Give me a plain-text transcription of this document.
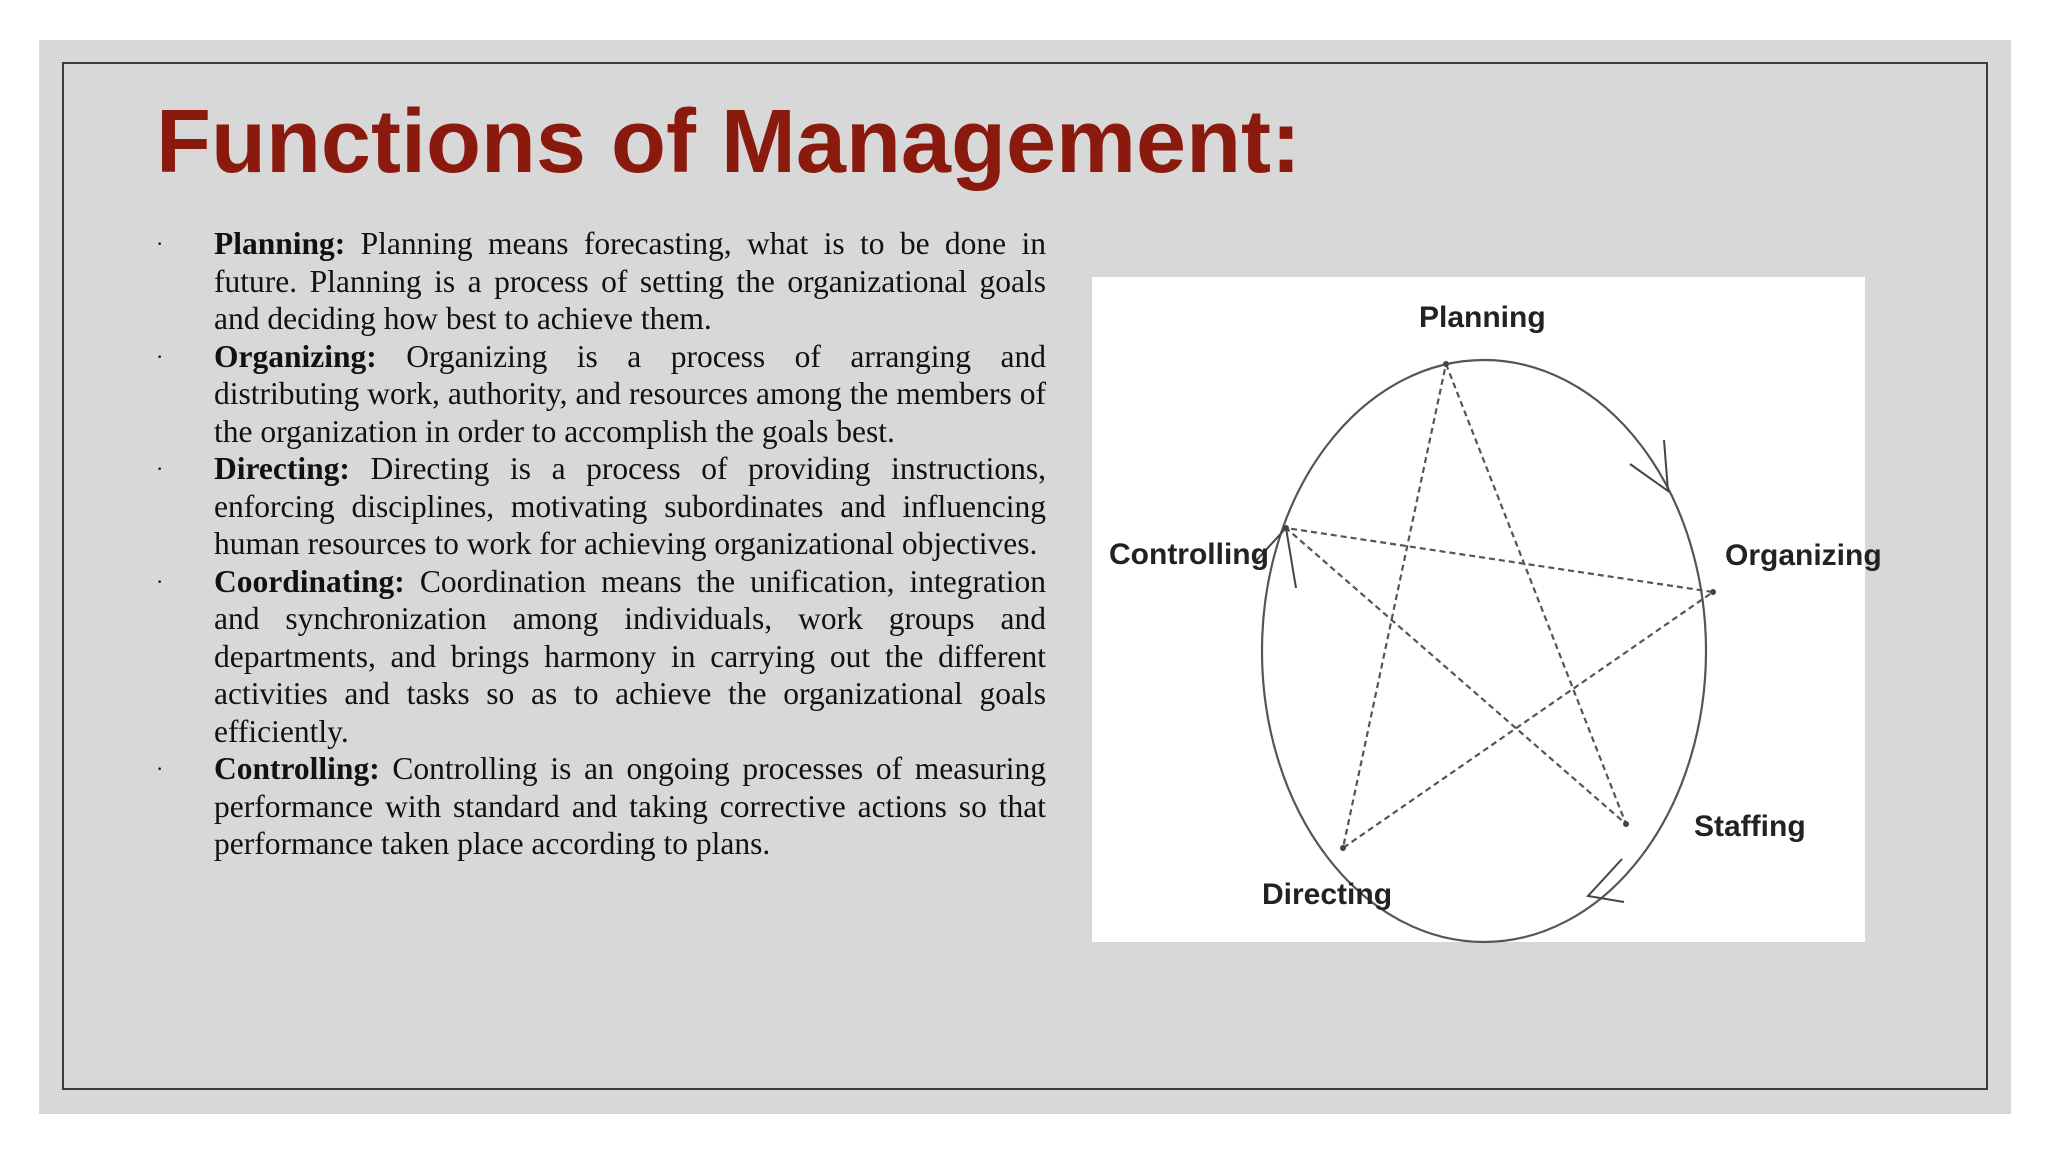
Functions of Management:
·	Planning: Planning means forecasting, what is to be done in future. Planning is a process of setting the organizational goals and deciding how best to achieve them.
·	Organizing: Organizing is a process of arranging and distributing work, authority, and resources among the members of the organization in order to accomplish the goals best.
·	Directing: Directing is a process of providing instructions, enforcing disciplines, motivating subordinates and influencing human resources to work for achieving organizational objectives.
·	Coordinating: Coordination means the unification, integration and synchronization among individuals, work groups and departments, and brings harmony in carrying out the different activities and tasks so as to achieve the organizational goals efficiently.
·	Controlling: Controlling is an ongoing processes of measuring performance with standard and taking corrective actions so that performance taken place according to plans.
Planning
Organizing
Staffing
Directing
Controlling
